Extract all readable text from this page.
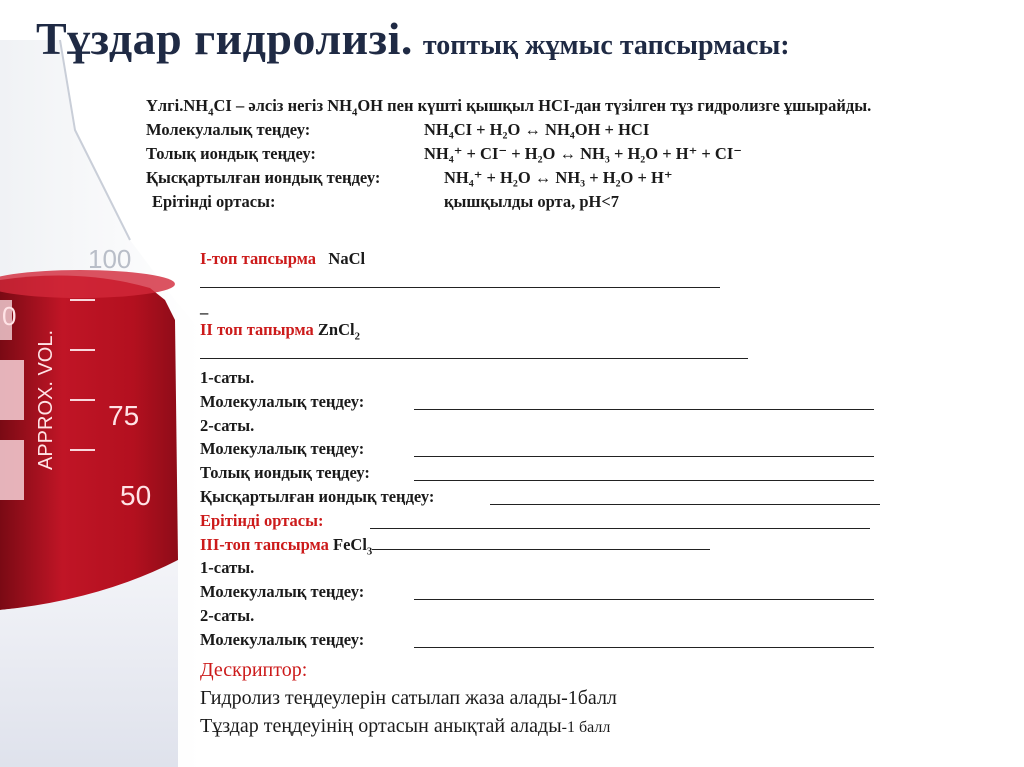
100
75
50
APPROX. VOL.
0
Тұздар гидролизі. топтық жұмыс тапсырмасы:
$Үлгі.NH_4CI$ – әлсіз негіз $NH_4OH$ пен күшті қышқыл HCI-дан түзілген тұз гидролизге ұшырайды.
Молекулалық теңдеу:	NH₄CI + H₂O ↔ NH₄OH + HCI
Толық иондық теңдеу:	NH₄⁺ + CI⁻ + H₂O ↔ NH₃ + H₂O + H⁺ + CI⁻
Қысқартылған иондық теңдеу:	NH₄⁺ + H₂O ↔ NH₃ + H₂O + H⁺
Ерітінді ортасы:	қышқылды орта, pH<7
I-топ тапсырма NaCl
_
II топ тапырма ZnCl$_2$
1-саты.
Молекулалық теңдеу:
2-саты.
Молекулалық теңдеу:
Толық иондық теңдеу:
Қысқартылған иондық теңдеу:
Ерітінді ортасы:
III-топ тапсырма FeCl$_3$
1-саты.
Молекулалық теңдеу:
2-саты.
Молекулалық теңдеу:
Дескриптор:
Гидролиз теңдеулерін сатылап жаза алады-1балл
Тұздар теңдеуінің ортасын анықтай алады-1 балл
